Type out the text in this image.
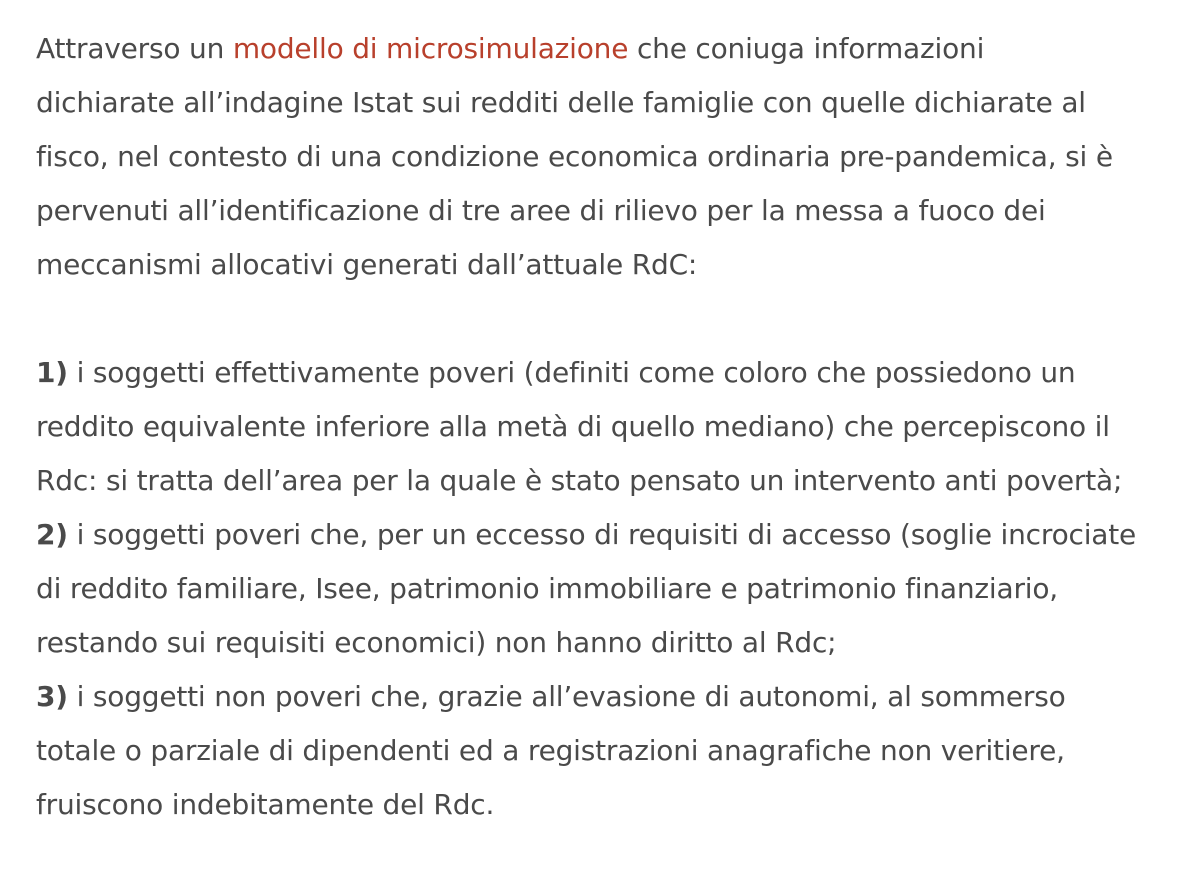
Attraverso un modello di microsimulazione che coniuga informazioni
dichiarate all’indagine Istat sui redditi delle famiglie con quelle dichiarate al
fisco, nel contesto di una condizione economica ordinaria pre-pandemica, si è
pervenuti all’identificazione di tre aree di rilievo per la messa a fuoco dei
meccanismi allocativi generati dall’attuale RdC:

1) i soggetti effettivamente poveri (definiti come coloro che possiedono un
reddito equivalente inferiore alla metà di quello mediano) che percepiscono il
Rdc: si tratta dell’area per la quale è stato pensato un intervento anti povertà;
2) i soggetti poveri che, per un eccesso di requisiti di accesso (soglie incrociate
di reddito familiare, Isee, patrimonio immobiliare e patrimonio finanziario,
restando sui requisiti economici) non hanno diritto al Rdc;
3) i soggetti non poveri che, grazie all’evasione di autonomi, al sommerso
totale o parziale di dipendenti ed a registrazioni anagrafiche non veritiere,
fruiscono indebitamente del Rdc.
